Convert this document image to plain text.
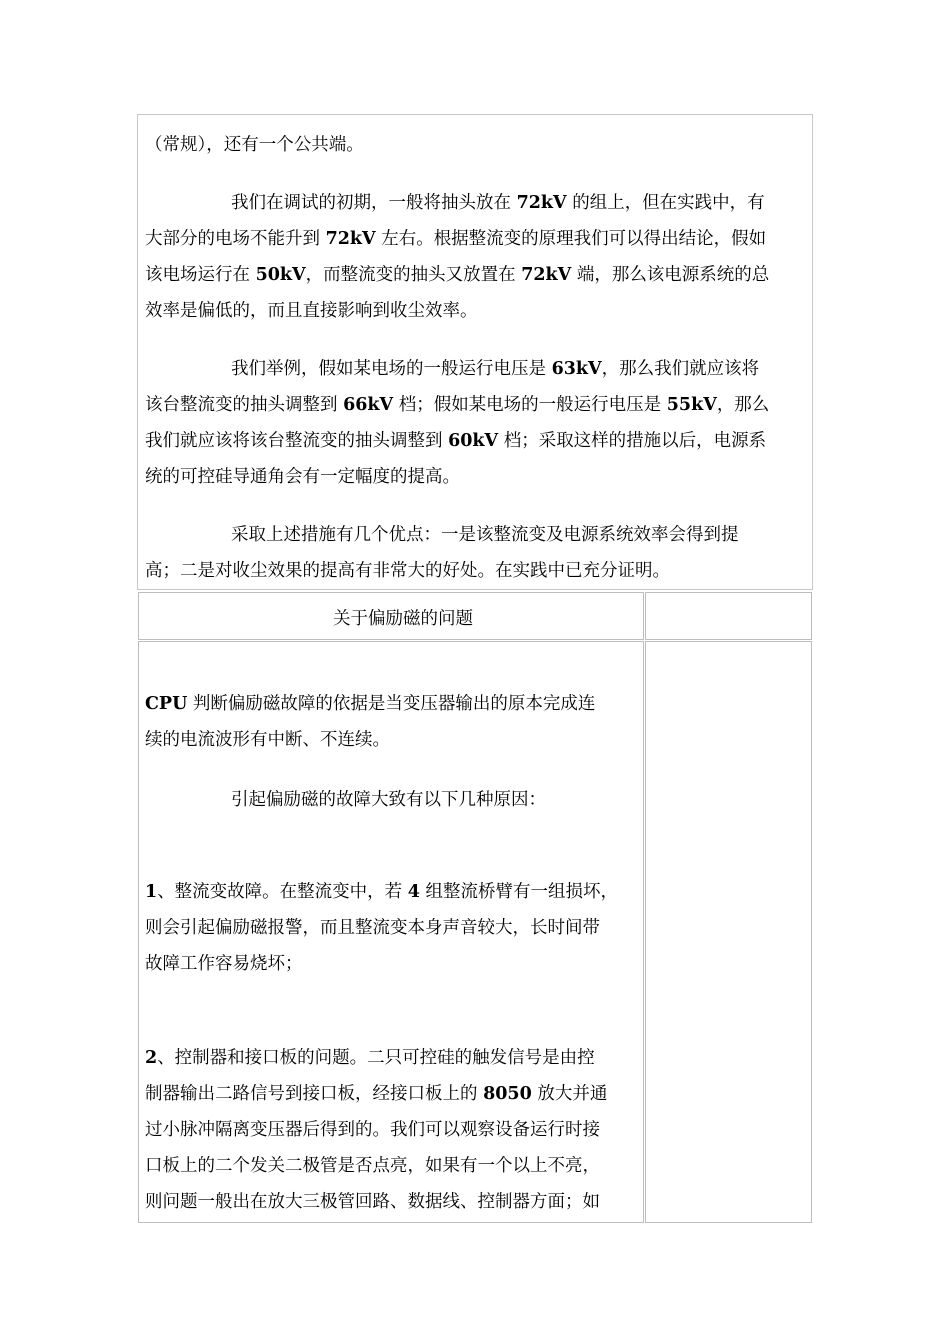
（常规），还有一个公共端。
我们在调试的初期，一般将抽头放在 72kV 的组上，但在实践中，有
大部分的电场不能升到 72kV 左右。根据整流变的原理我们可以得出结论，假如
该电场运行在 50kV，而整流变的抽头又放置在 72kV 端，那么该电源系统的总
效率是偏低的，而且直接影响到收尘效率。
我们举例，假如某电场的一般运行电压是 63kV，那么我们就应该将
该台整流变的抽头调整到 66kV 档；假如某电场的一般运行电压是 55kV，那么
我们就应该将该台整流变的抽头调整到 60kV 档；采取这样的措施以后，电源系
统的可控硅导通角会有一定幅度的提高。
采取上述措施有几个优点：一是该整流变及电源系统效率会得到提
高；二是对收尘效果的提高有非常大的好处。在实践中已充分证明。
关于偏励磁的问题
CPU 判断偏励磁故障的依据是当变压器输出的原本完成连
续的电流波形有中断、不连续。
引起偏励磁的故障大致有以下几种原因：
1、整流变故障。在整流变中，若 4 组整流桥臂有一组损坏，
则会引起偏励磁报警，而且整流变本身声音较大，长时间带
故障工作容易烧坏；
2、控制器和接口板的问题。二只可控硅的触发信号是由控
制器输出二路信号到接口板，经接口板上的 8050 放大并通
过小脉冲隔离变压器后得到的。我们可以观察设备运行时接
口板上的二个发关二极管是否点亮，如果有一个以上不亮，
则问题一般出在放大三极管回路、数据线、控制器方面；如
